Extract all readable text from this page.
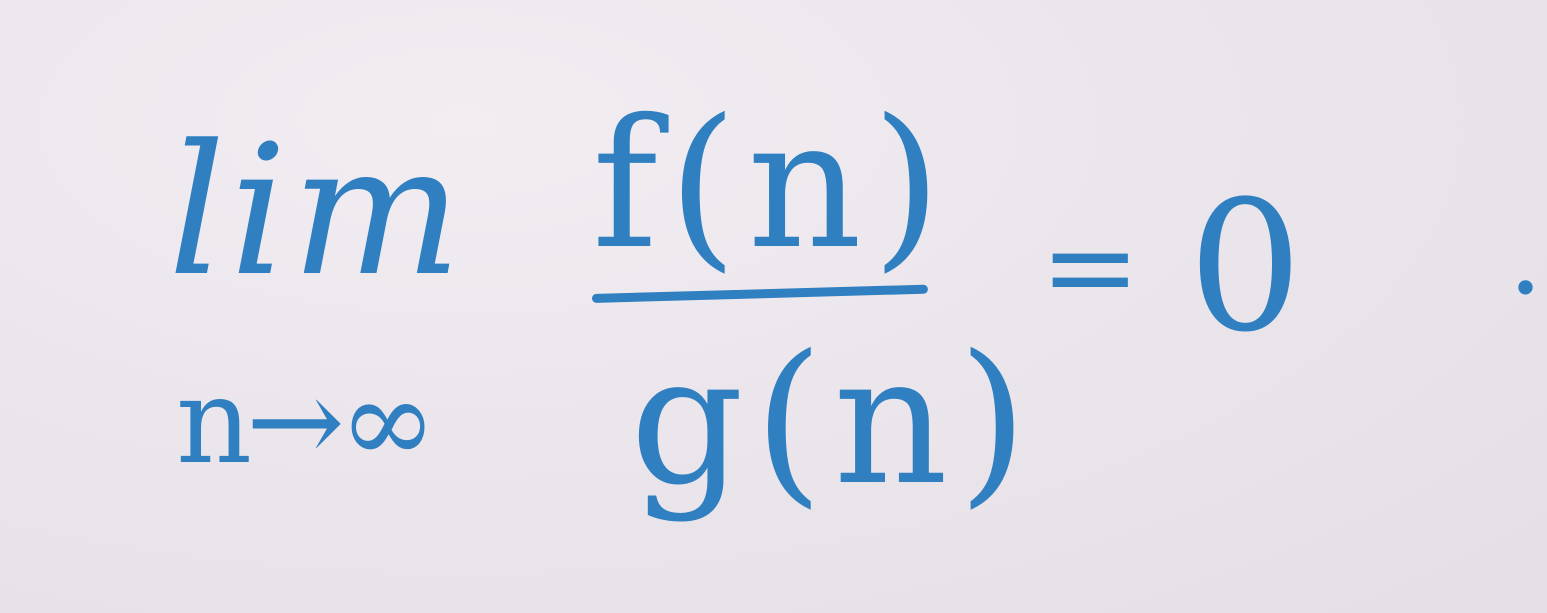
lim
n→∞
f(n)
g(n)
= 0 .
